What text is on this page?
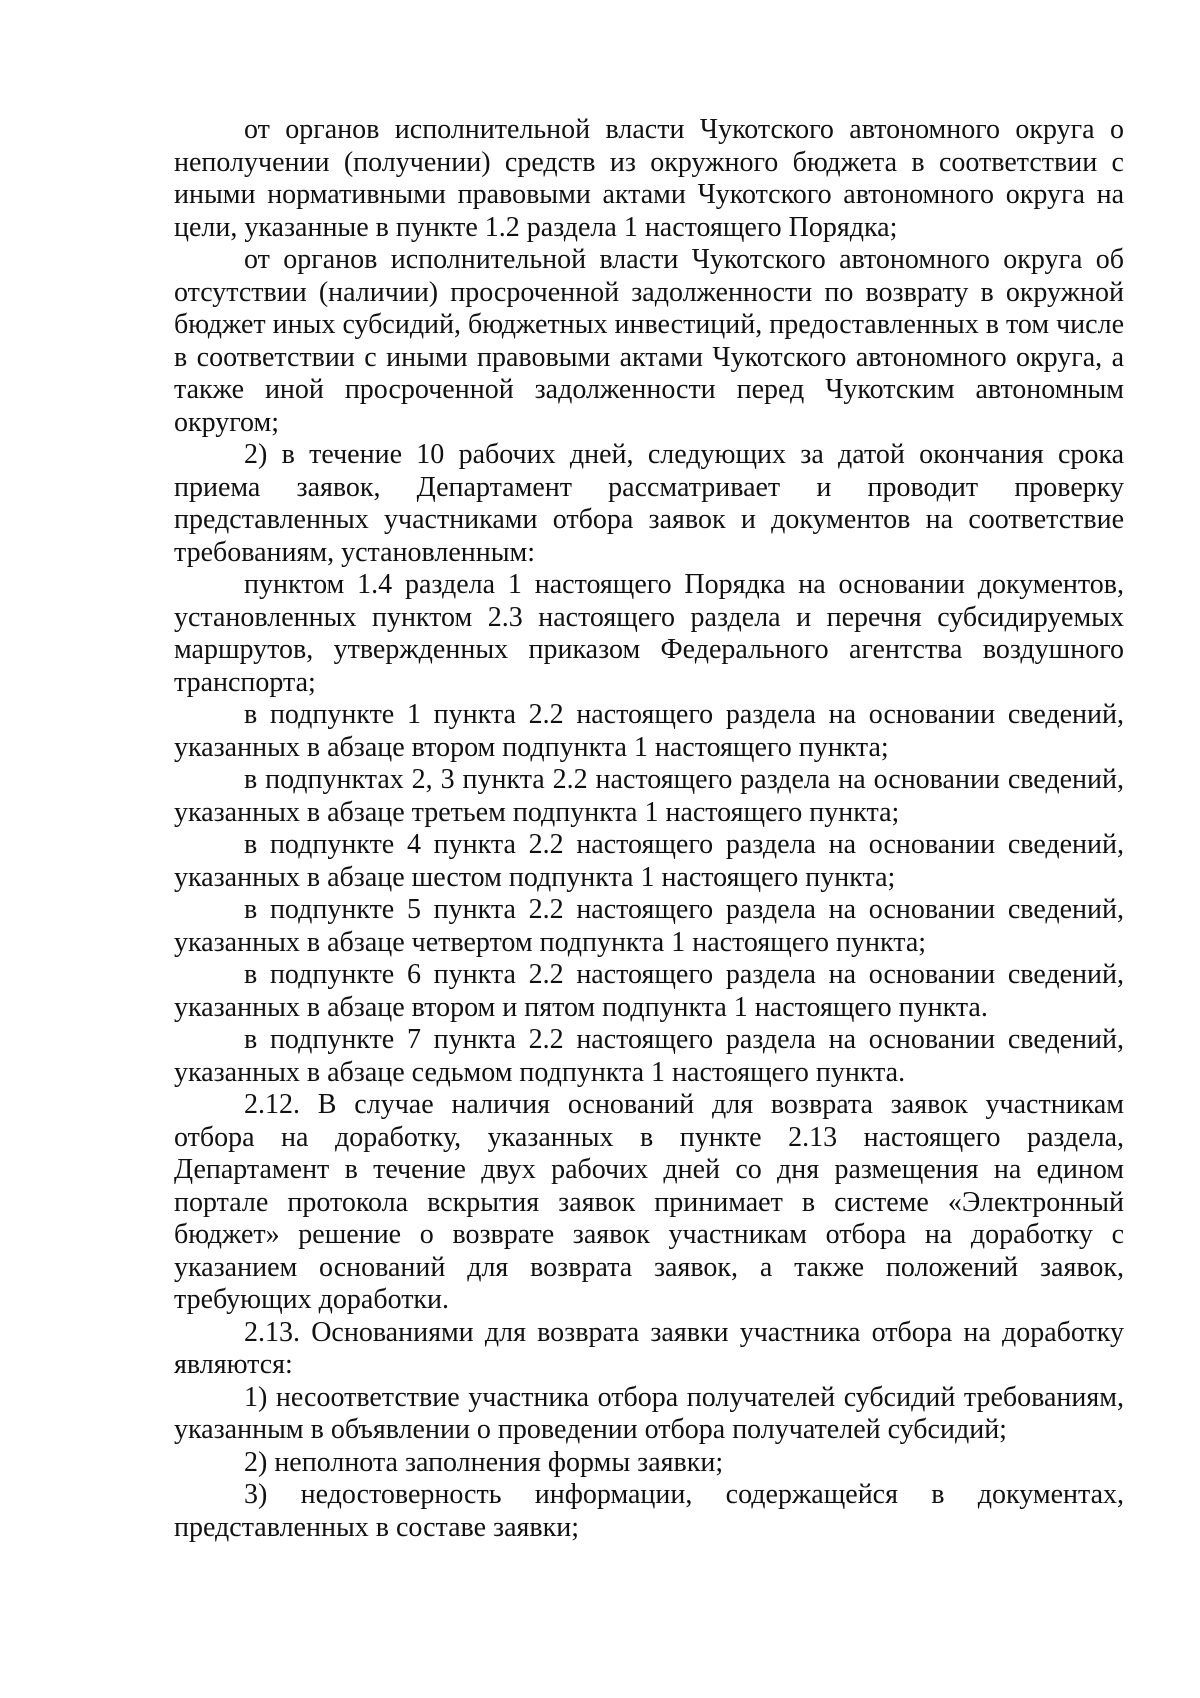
от органов исполнительной власти Чукотского автономного округа о неполучении (получении) средств из окружного бюджета в соответствии с иными нормативными правовыми актами Чукотского автономного округа на цели, указанные в пункте 1.2 раздела 1 настоящего Порядка;

от органов исполнительной власти Чукотского автономного округа об отсутствии (наличии) просроченной задолженности по возврату в окружной бюджет иных субсидий, бюджетных инвестиций, предоставленных в том числе в соответствии с иными правовыми актами Чукотского автономного округа, а также иной просроченной задолженности перед Чукотским автономным округом;

2) в течение 10 рабочих дней, следующих за датой окончания срока приема заявок, Департамент рассматривает и проводит проверку представленных участниками отбора заявок и документов на соответствие требованиям, установленным:

пунктом 1.4 раздела 1 настоящего Порядка на основании документов, установленных пунктом 2.3 настоящего раздела и перечня субсидируемых маршрутов, утвержденных приказом Федерального агентства воздушного транспорта;

в подпункте 1 пункта 2.2 настоящего раздела на основании сведений, указанных в абзаце втором подпункта 1 настоящего пункта;

в подпунктах 2, 3 пункта 2.2 настоящего раздела на основании сведений, указанных в абзаце третьем подпункта 1 настоящего пункта;

в подпункте 4 пункта 2.2 настоящего раздела на основании сведений, указанных в абзаце шестом подпункта 1 настоящего пункта;

в подпункте 5 пункта 2.2 настоящего раздела на основании сведений, указанных в абзаце четвертом подпункта 1 настоящего пункта;

в подпункте 6 пункта 2.2 настоящего раздела на основании сведений, указанных в абзаце втором и пятом подпункта 1 настоящего пункта.

в подпункте 7 пункта 2.2 настоящего раздела на основании сведений, указанных в абзаце седьмом подпункта 1 настоящего пункта.

2.12. В случае наличия оснований для возврата заявок участникам отбора на доработку, указанных в пункте 2.13 настоящего раздела, Департамент в течение двух рабочих дней со дня размещения на едином портале протокола вскрытия заявок принимает в системе «Электронный бюджет» решение о возврате заявок участникам отбора на доработку с указанием оснований для возврата заявок, а также положений заявок, требующих доработки.

2.13. Основаниями для возврата заявки участника отбора на доработку являются:

1) несоответствие участника отбора получателей субсидий требованиям, указанным в объявлении о проведении отбора получателей субсидий;

2) неполнота заполнения формы заявки;

3) недостоверность информации, содержащейся в документах, представленных в составе заявки;
